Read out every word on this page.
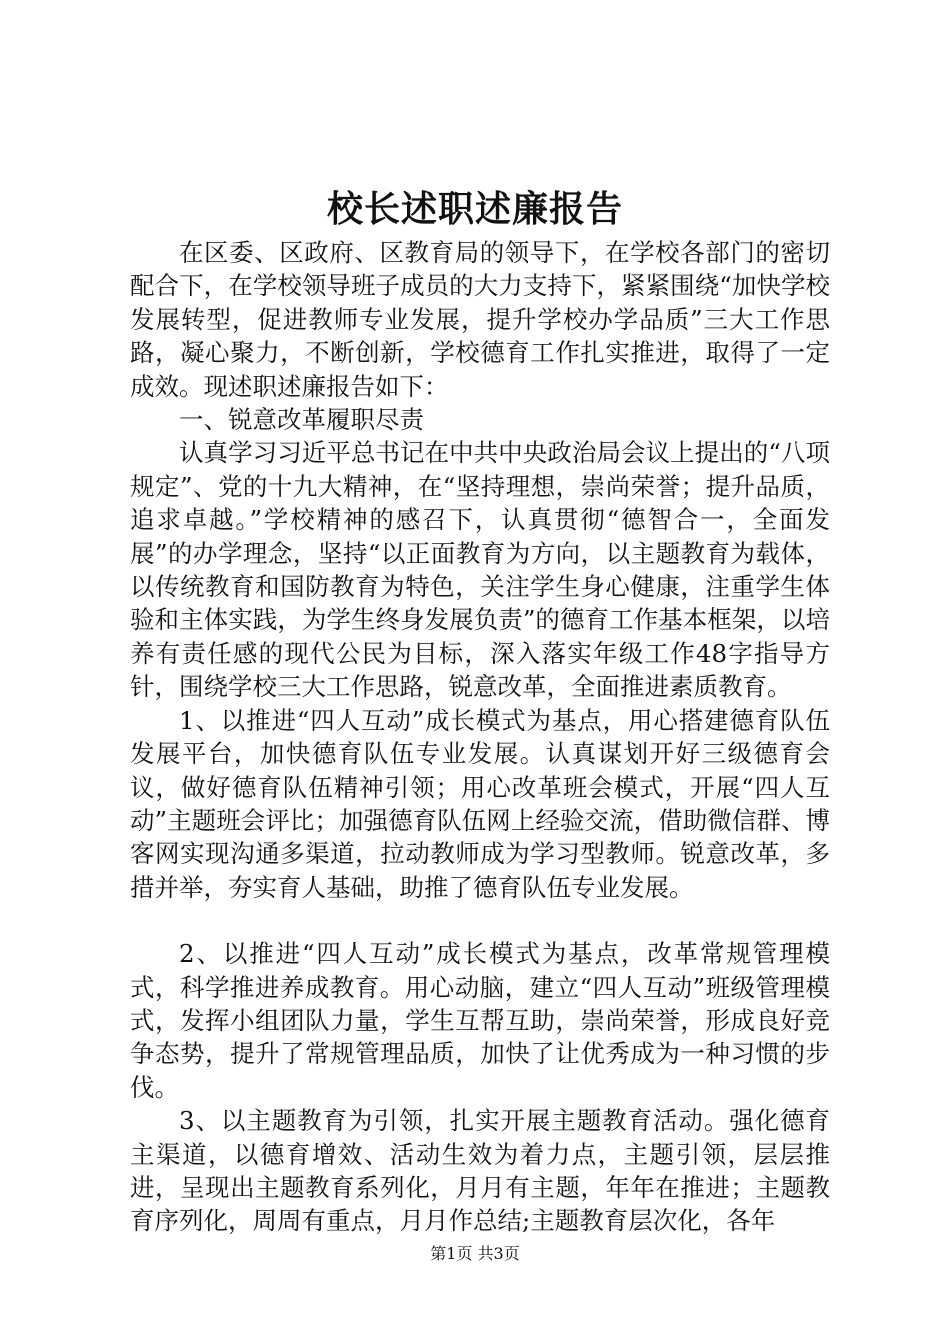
校长述职述廉报告

在区委、区政府、区教育局的领导下，在学校各部门的密切配合下，在学校领导班子成员的大力支持下，紧紧围绕“加快学校发展转型，促进教师专业发展，提升学校办学品质”三大工作思路，凝心聚力，不断创新，学校德育工作扎实推进，取得了一定成效。现述职述廉报告如下：

一、锐意改革履职尽责

认真学习习近平总书记在中共中央政治局会议上提出的“八项规定”、党的十九大精神，在“坚持理想，崇尚荣誉；提升品质，追求卓越。”学校精神的感召下，认真贯彻“德智合一，全面发展”的办学理念，坚持“以正面教育为方向，以主题教育为载体，以传统教育和国防教育为特色，关注学生身心健康，注重学生体验和主体实践，为学生终身发展负责”的德育工作基本框架，以培养有责任感的现代公民为目标，深入落实年级工作48字指导方针，围绕学校三大工作思路，锐意改革，全面推进素质教育。

1、以推进“四人互动”成长模式为基点，用心搭建德育队伍发展平台，加快德育队伍专业发展。认真谋划开好三级德育会议，做好德育队伍精神引领；用心改革班会模式，开展“四人互动”主题班会评比；加强德育队伍网上经验交流，借助微信群、博客网实现沟通多渠道，拉动教师成为学习型教师。锐意改革，多措并举，夯实育人基础，助推了德育队伍专业发展。

2、以推进“四人互动”成长模式为基点，改革常规管理模式，科学推进养成教育。用心动脑，建立“四人互动”班级管理模式，发挥小组团队力量，学生互帮互助，崇尚荣誉，形成良好竞争态势，提升了常规管理品质，加快了让优秀成为一种习惯的步伐。

3、以主题教育为引领，扎实开展主题教育活动。强化德育主渠道，以德育增效、活动生效为着力点，主题引领，层层推进，呈现出主题教育系列化，月月有主题，年年在推进；主题教育序列化，周周有重点，月月作总结;主题教育层次化，各年

第1页 共3页
